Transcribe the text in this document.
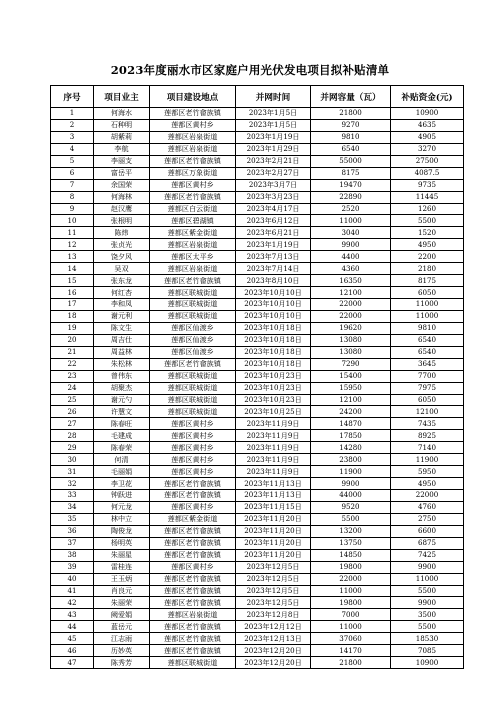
2023年度丽水市区家庭户用光伏发电项目拟补贴清单
序号	项目业主	项目建设地点	并网时间	并网容量（瓦）	补贴资金(元)
1	何海水	莲都区老竹畲族镇	2023年1月5日	21800	10900
2	石种明	莲都区黄村乡	2023年1月5日	9270	4635
3	胡紫莉	莲都区岩泉街道	2023年1月19日	9810	4905
4	李航	莲都区岩泉街道	2023年1月29日	6540	3270
5	李丽支	莲都区老竹畲族镇	2023年2月21日	55000	27500
6	富岳平	莲都区万象街道	2023年2月27日	8175	4087.5
7	余国荣	莲都区黄村乡	2023年3月7日	19470	9735
8	何海林	莲都区老竹畲族镇	2023年3月23日	22890	11445
9	赵汉鹰	莲都区白云街道	2023年4月17日	2520	1260
10	张根明	莲都区碧湖镇	2023年6月12日	11000	5500
11	陈炜	莲都区紫金街道	2023年6月21日	3040	1520
12	张贞光	莲都区岩泉街道	2023年1月19日	9900	4950
13	饶夕风	莲都区太平乡	2023年7月13日	4400	2200
14	吴双	莲都区岩泉街道	2023年7月14日	4360	2180
15	张东龙	莲都区老竹畲族镇	2023年8月10日	16350	8175
16	何红杏	莲都区联城街道	2023年10月10日	12100	6050
17	李和凤	莲都区联城街道	2023年10月10日	22000	11000
18	谢元利	莲都区联城街道	2023年10月10日	22000	11000
19	陈文生	莲都区仙渡乡	2023年10月18日	19620	9810
20	周吉仕	莲都区仙渡乡	2023年10月18日	13080	6540
21	周益林	莲都区仙渡乡	2023年10月18日	13080	6540
22	朱松林	莲都区老竹畲族镇	2023年10月18日	7290	3645
23	曾伟东	莲都区联城街道	2023年10月23日	15400	7700
24	胡聚杰	莲都区联城街道	2023年10月23日	15950	7975
25	谢元勺	莲都区联城街道	2023年10月23日	12100	6050
26	许慧文	莲都区联城街道	2023年10月25日	24200	12100
27	陈春旺	莲都区黄村乡	2023年11月9日	14870	7435
28	毛建成	莲都区黄村乡	2023年11月9日	17850	8925
29	陈春荣	莲都区黄村乡	2023年11月9日	14280	7140
30	何清	莲都区黄村乡	2023年11月9日	23800	11900
31	毛丽娟	莲都区黄村乡	2023年11月9日	11900	5950
32	李卫花	莲都区老竹畲族镇	2023年11月13日	9900	4950
33	钟跃进	莲都区老竹畲族镇	2023年11月13日	44000	22000
34	何元龙	莲都区黄村乡	2023年11月15日	9520	4760
35	林中立	莲都区紫金街道	2023年11月20日	5500	2750
36	陶俊龙	莲都区老竹畲族镇	2023年11月20日	13200	6600
37	杨明英	莲都区老竹畲族镇	2023年11月20日	13750	6875
38	朱丽星	莲都区老竹畲族镇	2023年11月20日	14850	7425
39	雷桂连	莲都区黄村乡	2023年12月5日	19800	9900
40	王玉炳	莲都区老竹畲族镇	2023年12月5日	22000	11000
41	肖良元	莲都区老竹畲族镇	2023年12月5日	11000	5500
42	朱丽荣	莲都区老竹畲族镇	2023年12月5日	19800	9900
43	阙爱娟	莲都区岩泉街道	2023年12月8日	7000	3500
44	蓝岳元	莲都区老竹畲族镇	2023年12月12日	11000	5500
45	江志雨	莲都区老竹畲族镇	2023年12月13日	37060	18530
46	历妙英	莲都区老竹畲族镇	2023年12月20日	14170	7085
47	陈秀芳	莲都区联城街道	2023年12月20日	21800	10900
